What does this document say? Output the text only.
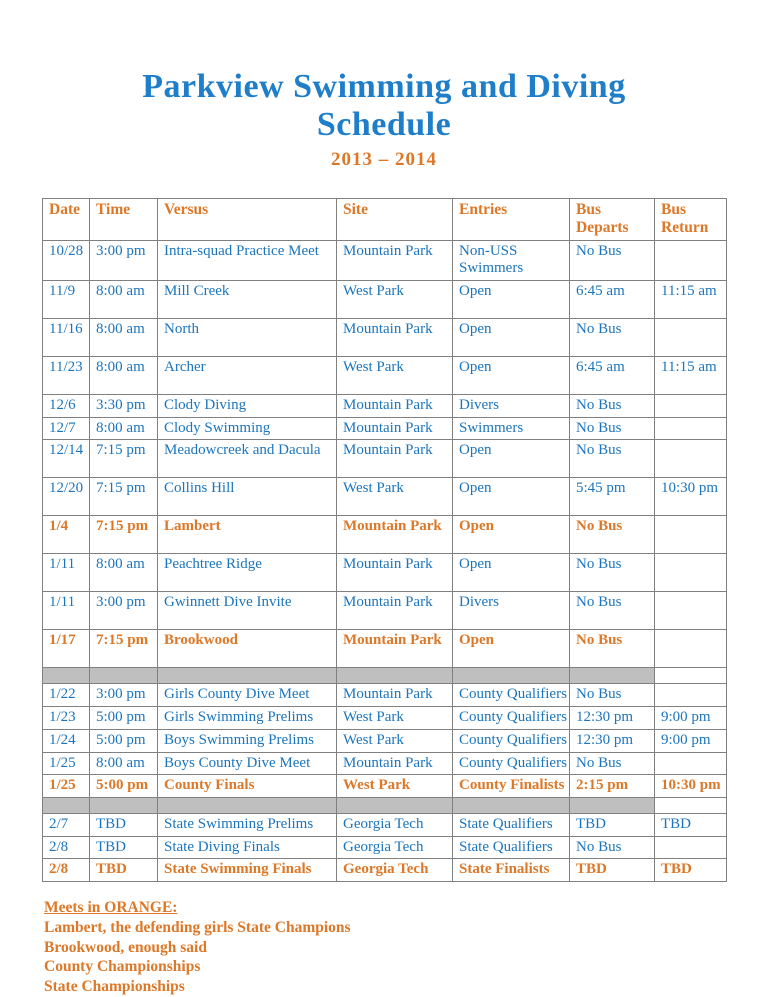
Parkview Swimming and Diving
Schedule
2013 – 2014
Date	Time	Versus	Site	Entries	Bus Departs	Bus Return
10/28	3:00 pm	Intra-squad Practice Meet	Mountain Park	Non-USS Swimmers	No Bus	
11/9	8:00 am	Mill Creek	West Park	Open	6:45 am	11:15 am
11/16	8:00 am	North	Mountain Park	Open	No Bus	
11/23	8:00 am	Archer	West Park	Open	6:45 am	11:15 am
12/6	3:30 pm	Clody Diving	Mountain Park	Divers	No Bus	
12/7	8:00 am	Clody Swimming	Mountain Park	Swimmers	No Bus	
12/14	7:15 pm	Meadowcreek and Dacula	Mountain Park	Open	No Bus	
12/20	7:15 pm	Collins Hill	West Park	Open	5:45 pm	10:30 pm
1/4	7:15 pm	Lambert	Mountain Park	Open	No Bus	
1/11	8:00 am	Peachtree Ridge	Mountain Park	Open	No Bus	
1/11	3:00 pm	Gwinnett Dive Invite	Mountain Park	Divers	No Bus	
1/17	7:15 pm	Brookwood	Mountain Park	Open	No Bus	

1/22	3:00 pm	Girls County Dive Meet	Mountain Park	County Qualifiers	No Bus	
1/23	5:00 pm	Girls Swimming Prelims	West Park	County Qualifiers	12:30 pm	9:00 pm
1/24	5:00 pm	Boys Swimming Prelims	West Park	County Qualifiers	12:30 pm	9:00 pm
1/25	8:00 am	Boys County Dive Meet	Mountain Park	County Qualifiers	No Bus	
1/25	5:00 pm	County Finals	West Park	County Finalists	2:15 pm	10:30 pm

2/7	TBD	State Swimming Prelims	Georgia Tech	State Qualifiers	TBD	TBD
2/8	TBD	State Diving Finals	Georgia Tech	State Qualifiers	No Bus	
2/8	TBD	State Swimming Finals	Georgia Tech	State Finalists	TBD	TBD
Meets in ORANGE:
Lambert, the defending girls State Champions
Brookwood, enough said
County Championships
State Championships
